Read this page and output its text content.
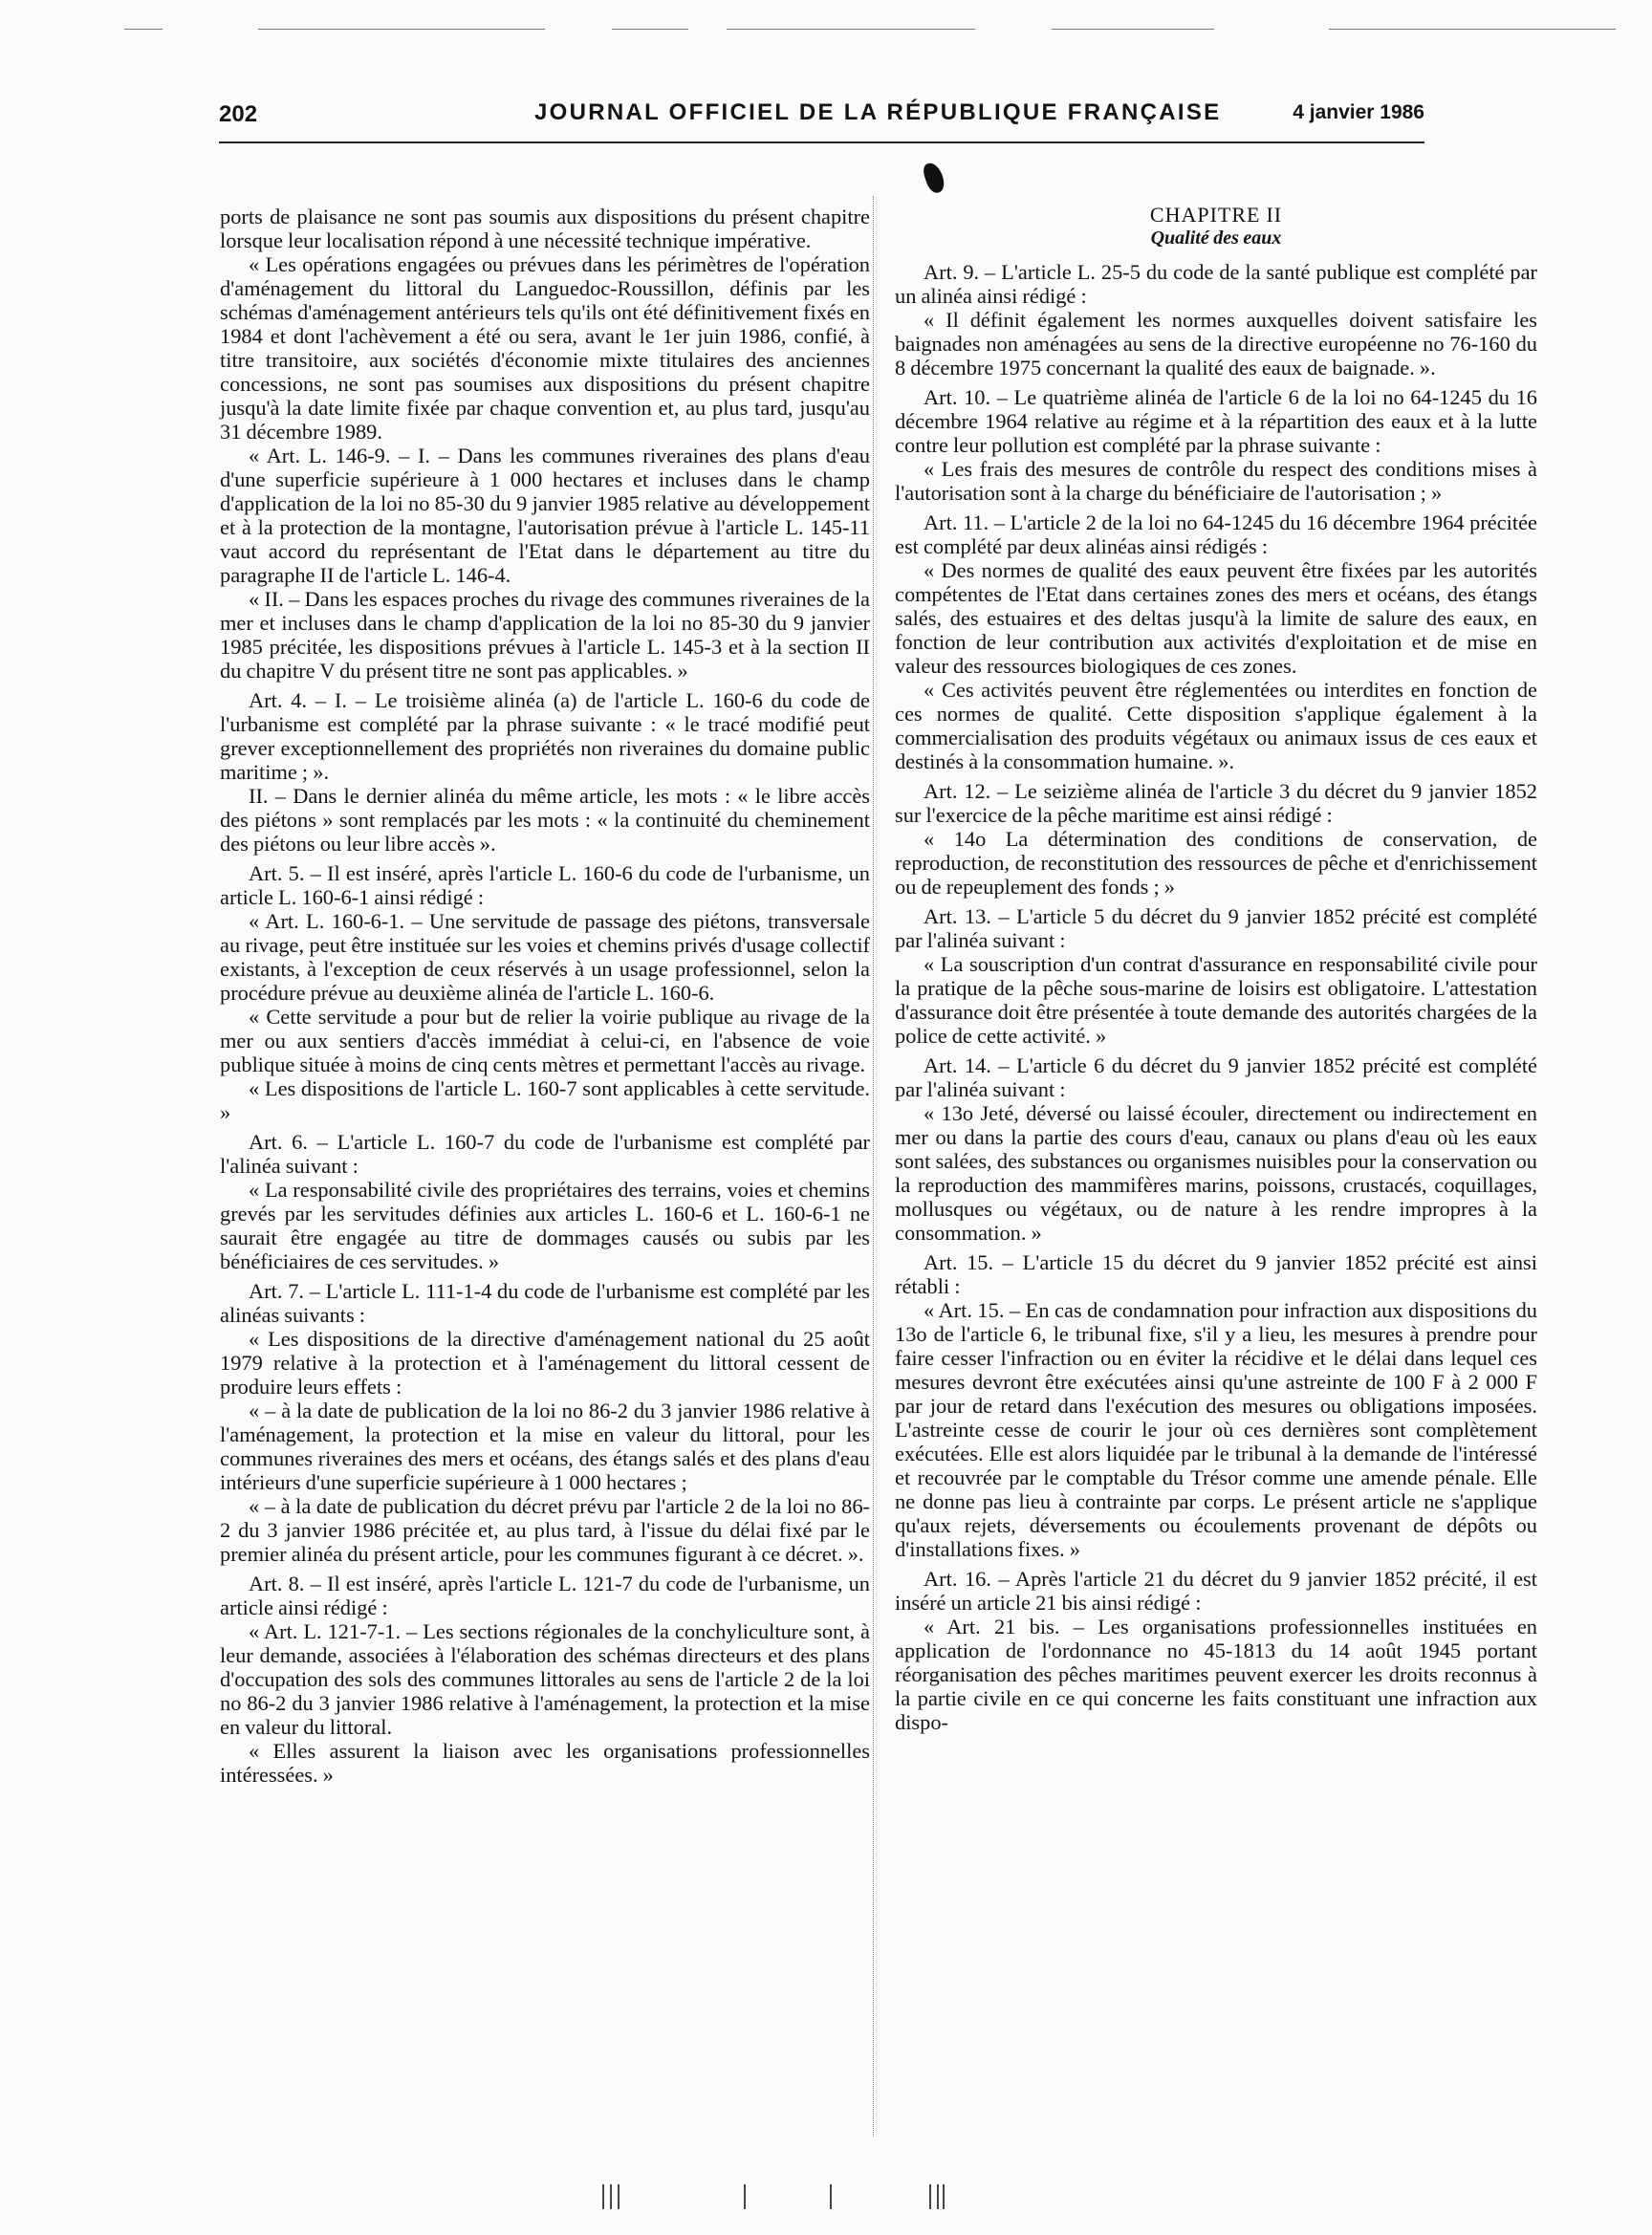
202	JOURNAL OFFICIEL DE LA RÉPUBLIQUE FRANÇAISE	4 janvier 1986

ports de plaisance ne sont pas soumis aux dispositions du présent chapitre lorsque leur localisation répond à une nécessité technique impérative.

« Les opérations engagées ou prévues dans les périmètres de l'opération d'aménagement du littoral du Languedoc-Roussillon, définis par les schémas d'aménagement antérieurs tels qu'ils ont été définitivement fixés en 1984 et dont l'achèvement a été ou sera, avant le 1er juin 1986, confié, à titre transitoire, aux sociétés d'économie mixte titulaires des anciennes concessions, ne sont pas soumises aux dispositions du présent chapitre jusqu'à la date limite fixée par chaque convention et, au plus tard, jusqu'au 31 décembre 1989.

« Art. L. 146-9. – I. – Dans les communes riveraines des plans d'eau d'une superficie supérieure à 1 000 hectares et incluses dans le champ d'application de la loi no 85-30 du 9 janvier 1985 relative au développement et à la protection de la montagne, l'autorisation prévue à l'article L. 145-11 vaut accord du représentant de l'Etat dans le département au titre du paragraphe II de l'article L. 146-4.

« II. – Dans les espaces proches du rivage des communes riveraines de la mer et incluses dans le champ d'application de la loi no 85-30 du 9 janvier 1985 précitée, les dispositions prévues à l'article L. 145-3 et à la section II du chapitre V du présent titre ne sont pas applicables. »

Art. 4. – I. – Le troisième alinéa (a) de l'article L. 160-6 du code de l'urbanisme est complété par la phrase suivante : « le tracé modifié peut grever exceptionnellement des propriétés non riveraines du domaine public maritime ; ».

II. – Dans le dernier alinéa du même article, les mots : « le libre accès des piétons » sont remplacés par les mots : « la continuité du cheminement des piétons ou leur libre accès ».

Art. 5. – Il est inséré, après l'article L. 160-6 du code de l'urbanisme, un article L. 160-6-1 ainsi rédigé :

« Art. L. 160-6-1. – Une servitude de passage des piétons, transversale au rivage, peut être instituée sur les voies et chemins privés d'usage collectif existants, à l'exception de ceux réservés à un usage professionnel, selon la procédure prévue au deuxième alinéa de l'article L. 160-6.

« Cette servitude a pour but de relier la voirie publique au rivage de la mer ou aux sentiers d'accès immédiat à celui-ci, en l'absence de voie publique située à moins de cinq cents mètres et permettant l'accès au rivage.

« Les dispositions de l'article L. 160-7 sont applicables à cette servitude. »

Art. 6. – L'article L. 160-7 du code de l'urbanisme est complété par l'alinéa suivant :

« La responsabilité civile des propriétaires des terrains, voies et chemins grevés par les servitudes définies aux articles L. 160-6 et L. 160-6-1 ne saurait être engagée au titre de dommages causés ou subis par les bénéficiaires de ces servitudes. »

Art. 7. – L'article L. 111-1-4 du code de l'urbanisme est complété par les alinéas suivants :

« Les dispositions de la directive d'aménagement national du 25 août 1979 relative à la protection et à l'aménagement du littoral cessent de produire leurs effets :

« – à la date de publication de la loi no 86-2 du 3 janvier 1986 relative à l'aménagement, la protection et la mise en valeur du littoral, pour les communes riveraines des mers et océans, des étangs salés et des plans d'eau intérieurs d'une superficie supérieure à 1 000 hectares ;

« – à la date de publication du décret prévu par l'article 2 de la loi no 86-2 du 3 janvier 1986 précitée et, au plus tard, à l'issue du délai fixé par le premier alinéa du présent article, pour les communes figurant à ce décret. ».

Art. 8. – Il est inséré, après l'article L. 121-7 du code de l'urbanisme, un article ainsi rédigé :

« Art. L. 121-7-1. – Les sections régionales de la conchyliculture sont, à leur demande, associées à l'élaboration des schémas directeurs et des plans d'occupation des sols des communes littorales au sens de l'article 2 de la loi no 86-2 du 3 janvier 1986 relative à l'aménagement, la protection et la mise en valeur du littoral.

« Elles assurent la liaison avec les organisations professionnelles intéressées. »

CHAPITRE II

Qualité des eaux

Art. 9. – L'article L. 25-5 du code de la santé publique est complété par un alinéa ainsi rédigé :

« Il définit également les normes auxquelles doivent satisfaire les baignades non aménagées au sens de la directive européenne no 76-160 du 8 décembre 1975 concernant la qualité des eaux de baignade. ».

Art. 10. – Le quatrième alinéa de l'article 6 de la loi no 64-1245 du 16 décembre 1964 relative au régime et à la répartition des eaux et à la lutte contre leur pollution est complété par la phrase suivante :

« Les frais des mesures de contrôle du respect des conditions mises à l'autorisation sont à la charge du bénéficiaire de l'autorisation ; »

Art. 11. – L'article 2 de la loi no 64-1245 du 16 décembre 1964 précitée est complété par deux alinéas ainsi rédigés :

« Des normes de qualité des eaux peuvent être fixées par les autorités compétentes de l'Etat dans certaines zones des mers et océans, des étangs salés, des estuaires et des deltas jusqu'à la limite de salure des eaux, en fonction de leur contribution aux activités d'exploitation et de mise en valeur des ressources biologiques de ces zones.

« Ces activités peuvent être réglementées ou interdites en fonction de ces normes de qualité. Cette disposition s'applique également à la commercialisation des produits végétaux ou animaux issus de ces eaux et destinés à la consommation humaine. ».

Art. 12. – Le seizième alinéa de l'article 3 du décret du 9 janvier 1852 sur l'exercice de la pêche maritime est ainsi rédigé :

« 14o La détermination des conditions de conservation, de reproduction, de reconstitution des ressources de pêche et d'enrichissement ou de repeuplement des fonds ; »

Art. 13. – L'article 5 du décret du 9 janvier 1852 précité est complété par l'alinéa suivant :

« La souscription d'un contrat d'assurance en responsabilité civile pour la pratique de la pêche sous-marine de loisirs est obligatoire. L'attestation d'assurance doit être présentée à toute demande des autorités chargées de la police de cette activité. »

Art. 14. – L'article 6 du décret du 9 janvier 1852 précité est complété par l'alinéa suivant :

« 13o Jeté, déversé ou laissé écouler, directement ou indirectement en mer ou dans la partie des cours d'eau, canaux ou plans d'eau où les eaux sont salées, des substances ou organismes nuisibles pour la conservation ou la reproduction des mammifères marins, poissons, crustacés, coquillages, mollusques ou végétaux, ou de nature à les rendre impropres à la consommation. »

Art. 15. – L'article 15 du décret du 9 janvier 1852 précité est ainsi rétabli :

« Art. 15. – En cas de condamnation pour infraction aux dispositions du 13o de l'article 6, le tribunal fixe, s'il y a lieu, les mesures à prendre pour faire cesser l'infraction ou en éviter la récidive et le délai dans lequel ces mesures devront être exécutées ainsi qu'une astreinte de 100 F à 2 000 F par jour de retard dans l'exécution des mesures ou obligations imposées. L'astreinte cesse de courir le jour où ces dernières sont complètement exécutées. Elle est alors liquidée par le tribunal à la demande de l'intéressé et recouvrée par le comptable du Trésor comme une amende pénale. Elle ne donne pas lieu à contrainte par corps. Le présent article ne s'applique qu'aux rejets, déversements ou écoulements provenant de dépôts ou d'installations fixes. »

Art. 16. – Après l'article 21 du décret du 9 janvier 1852 précité, il est inséré un article 21 bis ainsi rédigé :

« Art. 21 bis. – Les organisations professionnelles instituées en application de l'ordonnance no 45-1813 du 14 août 1945 portant réorganisation des pêches maritimes peuvent exercer les droits reconnus à la partie civile en ce qui concerne les faits constituant une infraction aux dispo-
